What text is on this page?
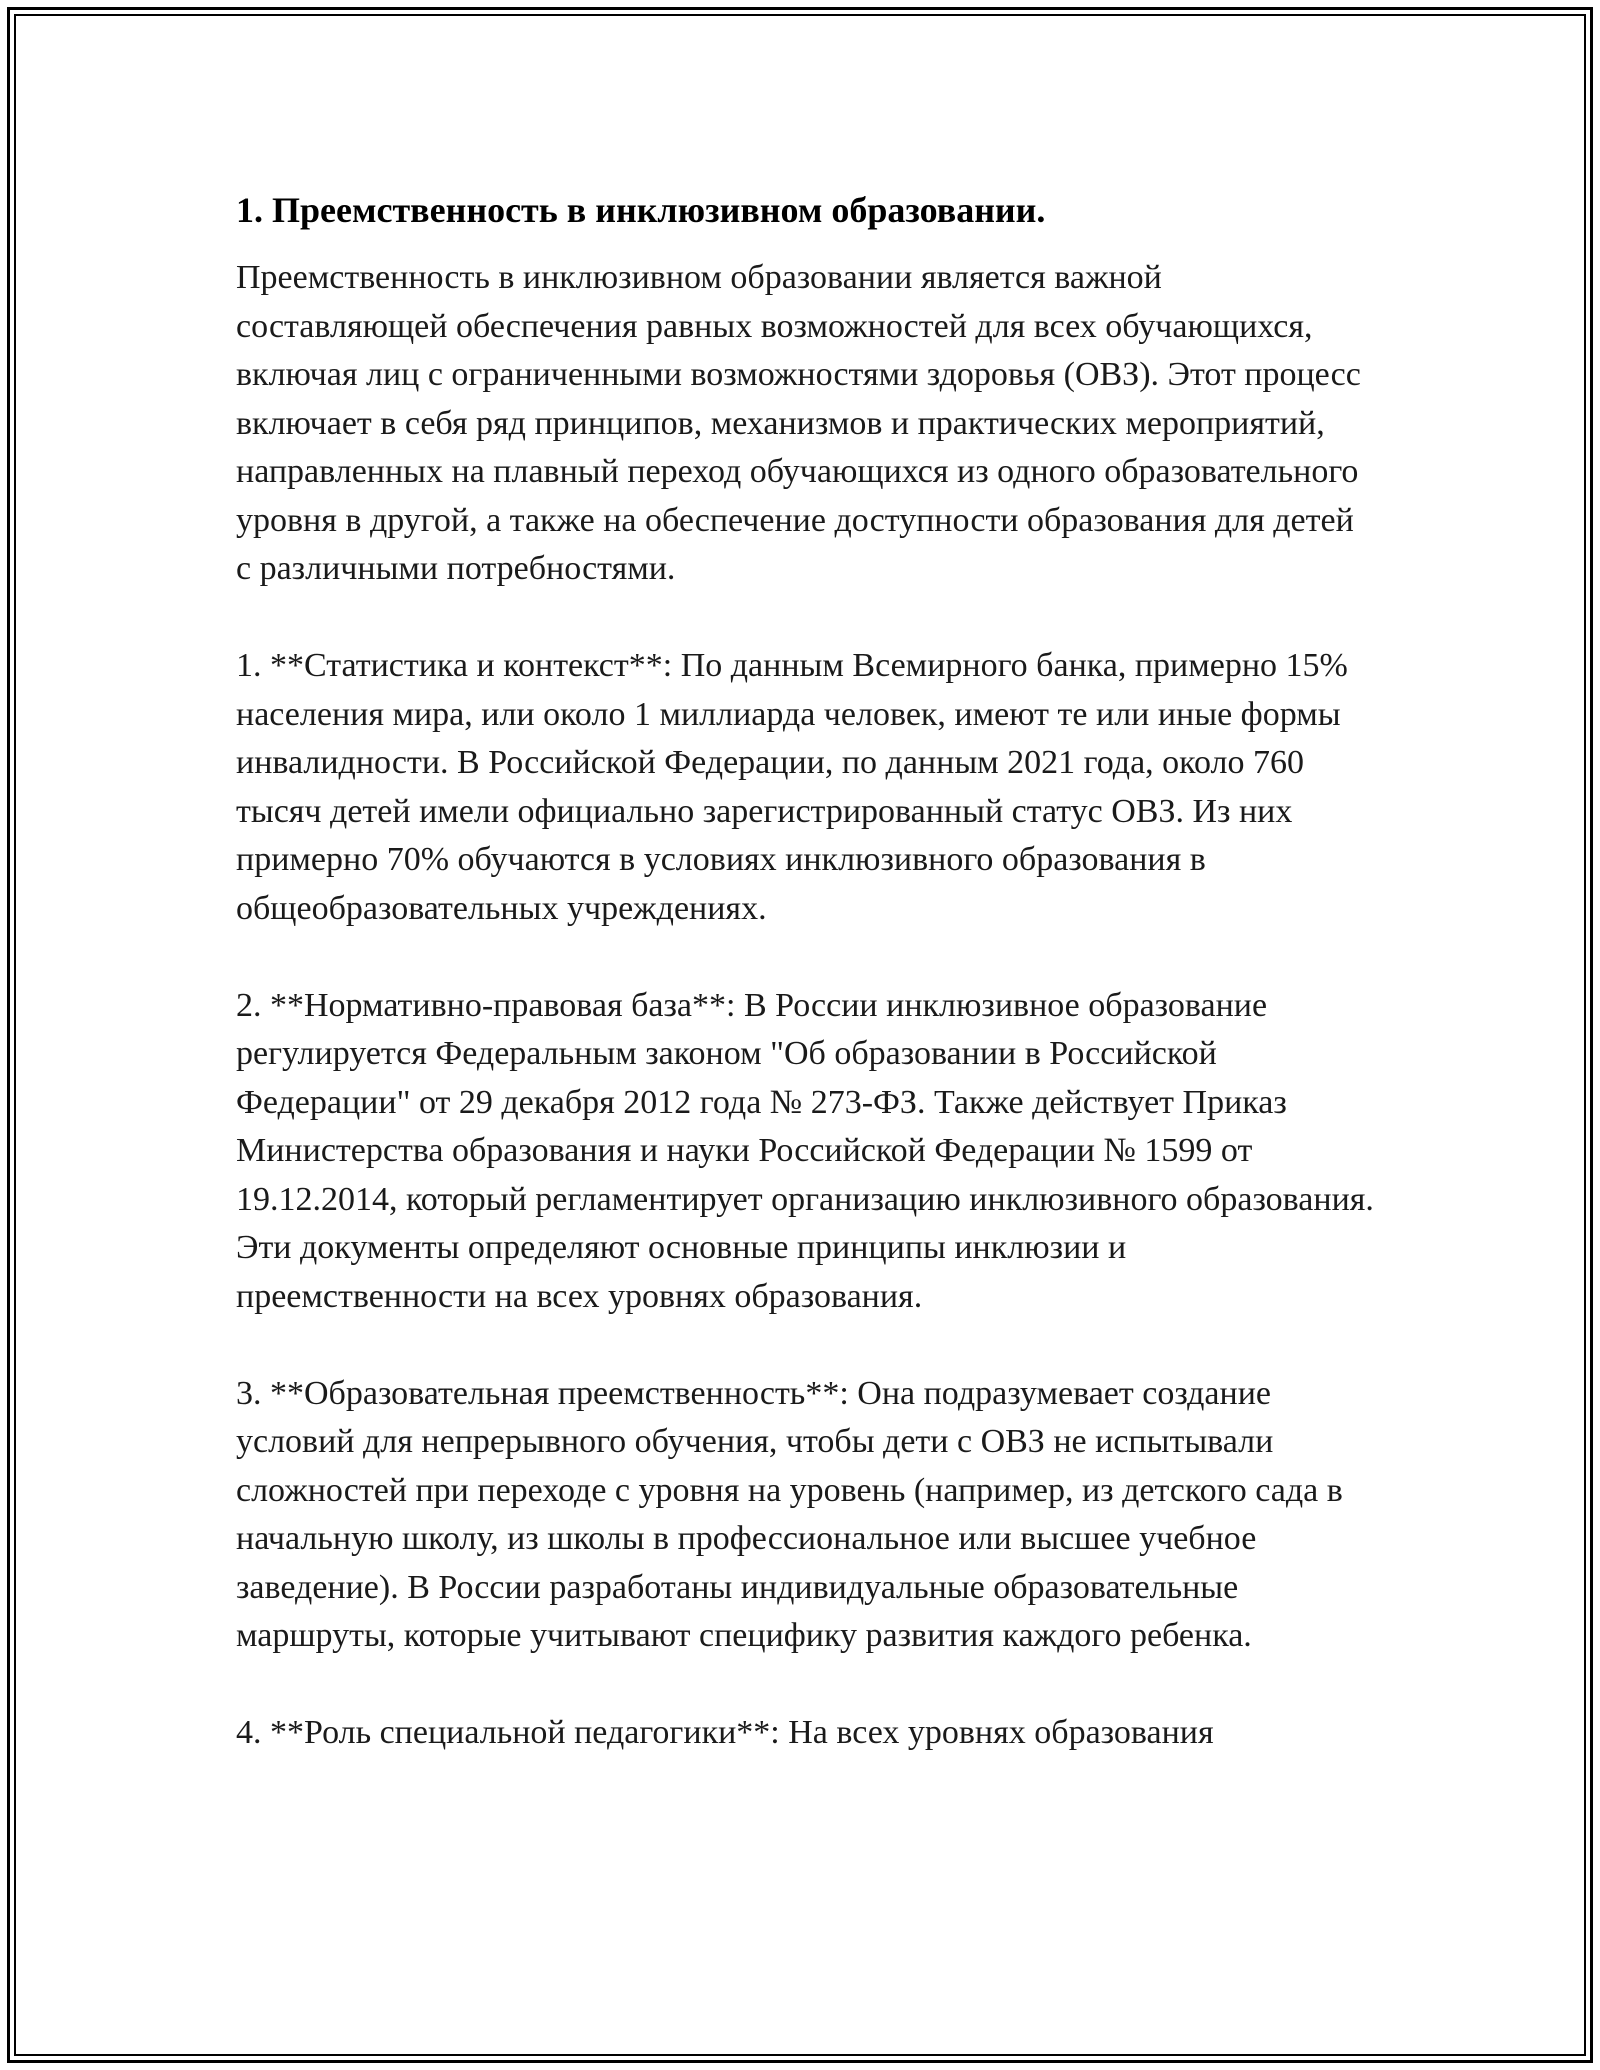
1. Преемственность в инклюзивном образовании.

Преемственность в инклюзивном образовании является важной составляющей обеспечения равных возможностей для всех обучающихся, включая лиц с ограниченными возможностями здоровья (ОВЗ). Этот процесс включает в себя ряд принципов, механизмов и практических мероприятий, направленных на плавный переход обучающихся из одного образовательного уровня в другой, а также на обеспечение доступности образования для детей с различными потребностями.

1. **Статистика и контекст**: По данным Всемирного банка, примерно 15% населения мира, или около 1 миллиарда человек, имеют те или иные формы инвалидности. В Российской Федерации, по данным 2021 года, около 760 тысяч детей имели официально зарегистрированный статус ОВЗ. Из них примерно 70% обучаются в условиях инклюзивного образования в общеобразовательных учреждениях.

2. **Нормативно-правовая база**: В России инклюзивное образование регулируется Федеральным законом "Об образовании в Российской Федерации" от 29 декабря 2012 года № 273-ФЗ. Также действует Приказ Министерства образования и науки Российской Федерации № 1599 от 19.12.2014, который регламентирует организацию инклюзивного образования. Эти документы определяют основные принципы инклюзии и преемственности на всех уровнях образования.

3. **Образовательная преемственность**: Она подразумевает создание условий для непрерывного обучения, чтобы дети с ОВЗ не испытывали сложностей при переходе с уровня на уровень (например, из детского сада в начальную школу, из школы в профессиональное или высшее учебное заведение). В России разработаны индивидуальные образовательные маршруты, которые учитывают специфику развития каждого ребенка.

4. **Роль специальной педагогики**: На всех уровнях образования
